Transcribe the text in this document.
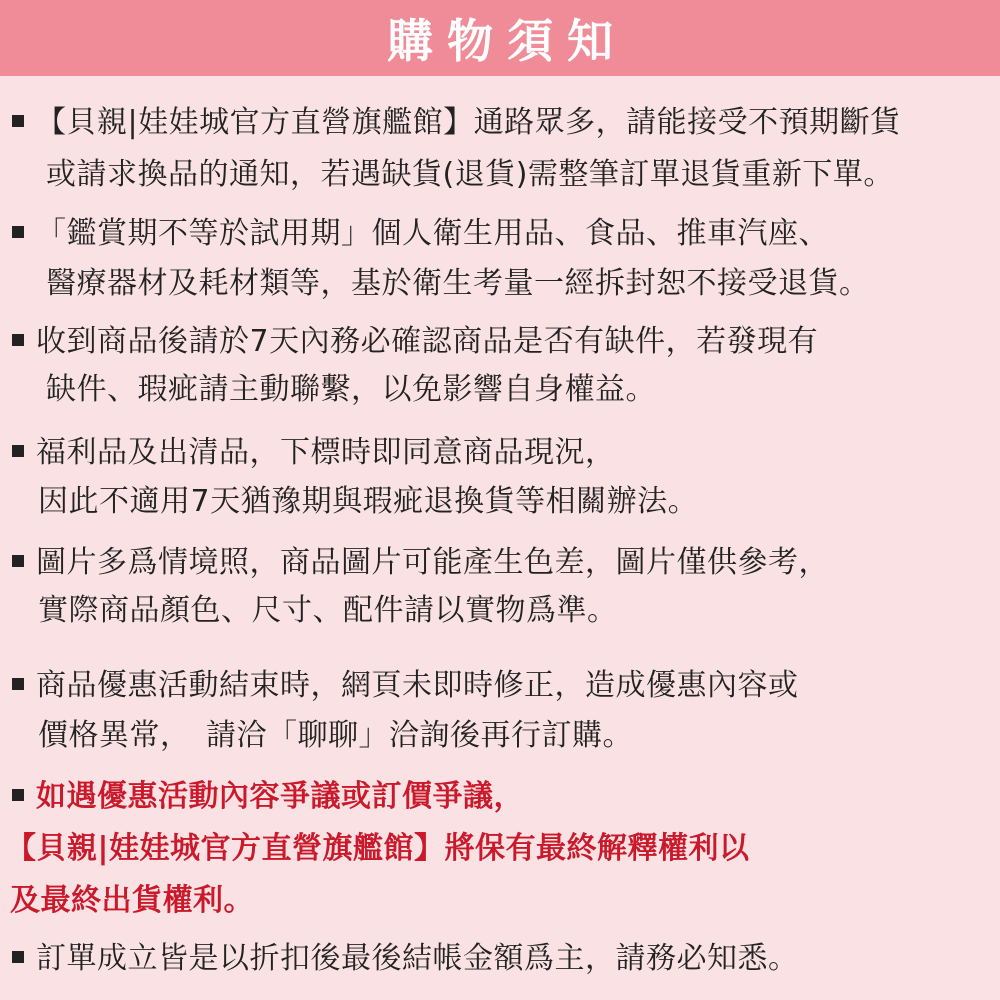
購物須知
【貝親|娃娃城官方直營旗艦館】通路眾多，請能接受不預期斷貨
或請求換品的通知，若遇缺貨(退貨)需整筆訂單退貨重新下單。
「鑑賞期不等於試用期」個人衛生用品、食品、推車汽座、
醫療器材及耗材類等，基於衛生考量一經拆封恕不接受退貨。
收到商品後請於7天內務必確認商品是否有缺件，若發現有
缺件、瑕疵請主動聯繫，以免影響自身權益。
福利品及出清品，下標時即同意商品現況，
因此不適用7天猶豫期與瑕疵退換貨等相關辦法。
圖片多爲情境照，商品圖片可能產生色差，圖片僅供參考，
實際商品顏色、尺寸、配件請以實物爲準。
商品優惠活動結束時，網頁未即時修正，造成優惠內容或
價格異常，　請洽「聊聊」洽詢後再行訂購。
如遇優惠活動內容爭議或訂價爭議，
【貝親|娃娃城官方直營旗艦館】將保有最終解釋權利以
及最終出貨權利。
訂單成立皆是以折扣後最後結帳金額爲主，請務必知悉。
